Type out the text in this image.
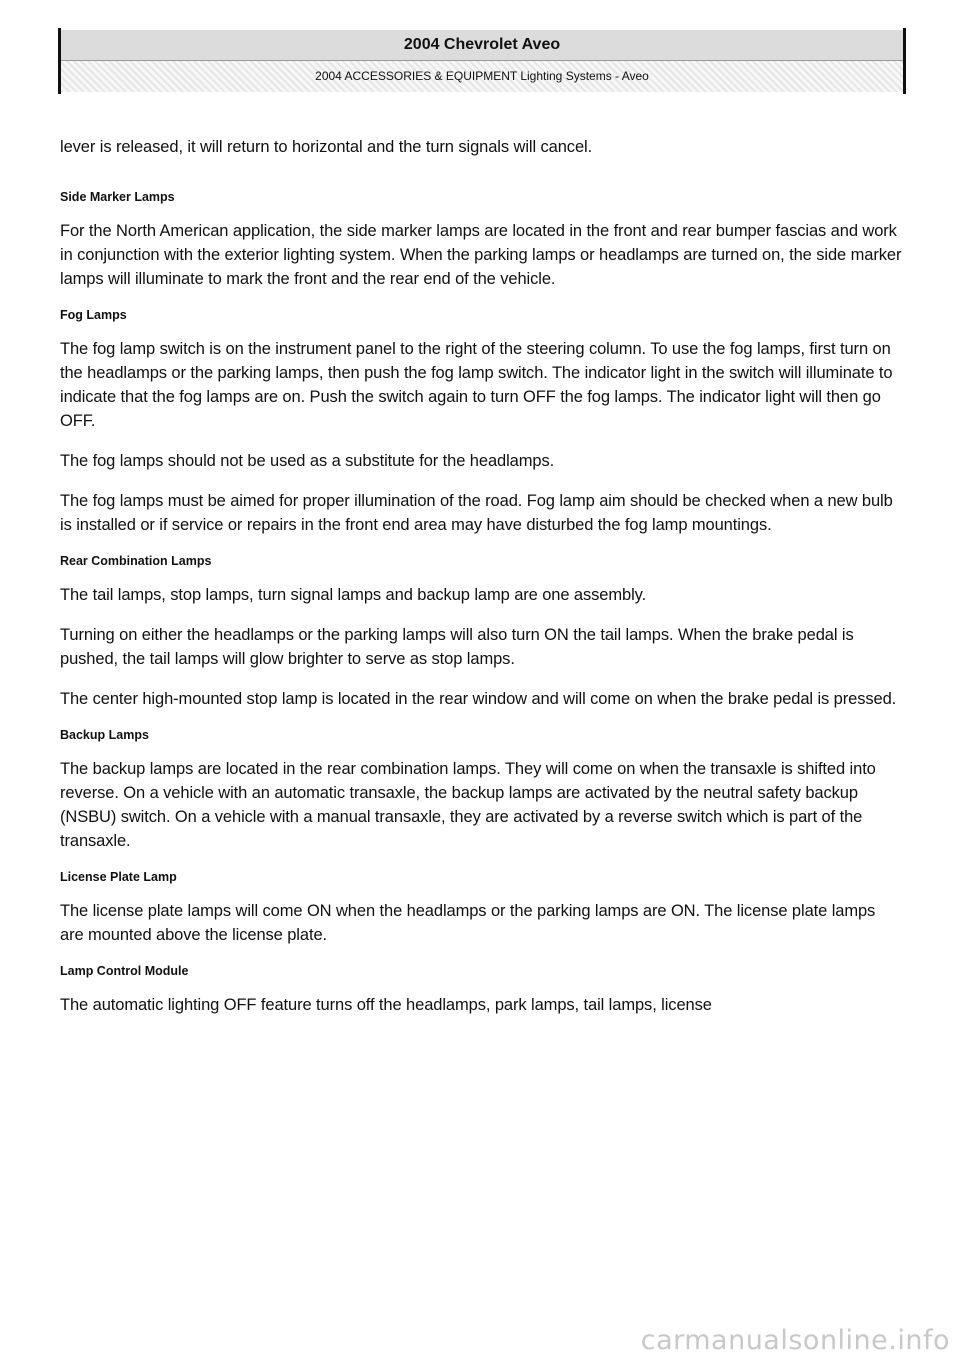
2004 Chevrolet Aveo
2004 ACCESSORIES & EQUIPMENT Lighting Systems - Aveo

lever is released, it will return to horizontal and the turn signals will cancel.

Side Marker Lamps

For the North American application, the side marker lamps are located in the front and rear bumper fascias and work in conjunction with the exterior lighting system. When the parking lamps or headlamps are turned on, the side marker lamps will illuminate to mark the front and the rear end of the vehicle.

Fog Lamps

The fog lamp switch is on the instrument panel to the right of the steering column. To use the fog lamps, first turn on the headlamps or the parking lamps, then push the fog lamp switch. The indicator light in the switch will illuminate to indicate that the fog lamps are on. Push the switch again to turn OFF the fog lamps. The indicator light will then go OFF.

The fog lamps should not be used as a substitute for the headlamps.

The fog lamps must be aimed for proper illumination of the road. Fog lamp aim should be checked when a new bulb is installed or if service or repairs in the front end area may have disturbed the fog lamp mountings.

Rear Combination Lamps

The tail lamps, stop lamps, turn signal lamps and backup lamp are one assembly.

Turning on either the headlamps or the parking lamps will also turn ON the tail lamps. When the brake pedal is pushed, the tail lamps will glow brighter to serve as stop lamps.

The center high-mounted stop lamp is located in the rear window and will come on when the brake pedal is pressed.

Backup Lamps

The backup lamps are located in the rear combination lamps. They will come on when the transaxle is shifted into reverse. On a vehicle with an automatic transaxle, the backup lamps are activated by the neutral safety backup (NSBU) switch. On a vehicle with a manual transaxle, they are activated by a reverse switch which is part of the transaxle.

License Plate Lamp

The license plate lamps will come ON when the headlamps or the parking lamps are ON. The license plate lamps are mounted above the license plate.

Lamp Control Module

The automatic lighting OFF feature turns off the headlamps, park lamps, tail lamps, license

carmanualsonline.info
